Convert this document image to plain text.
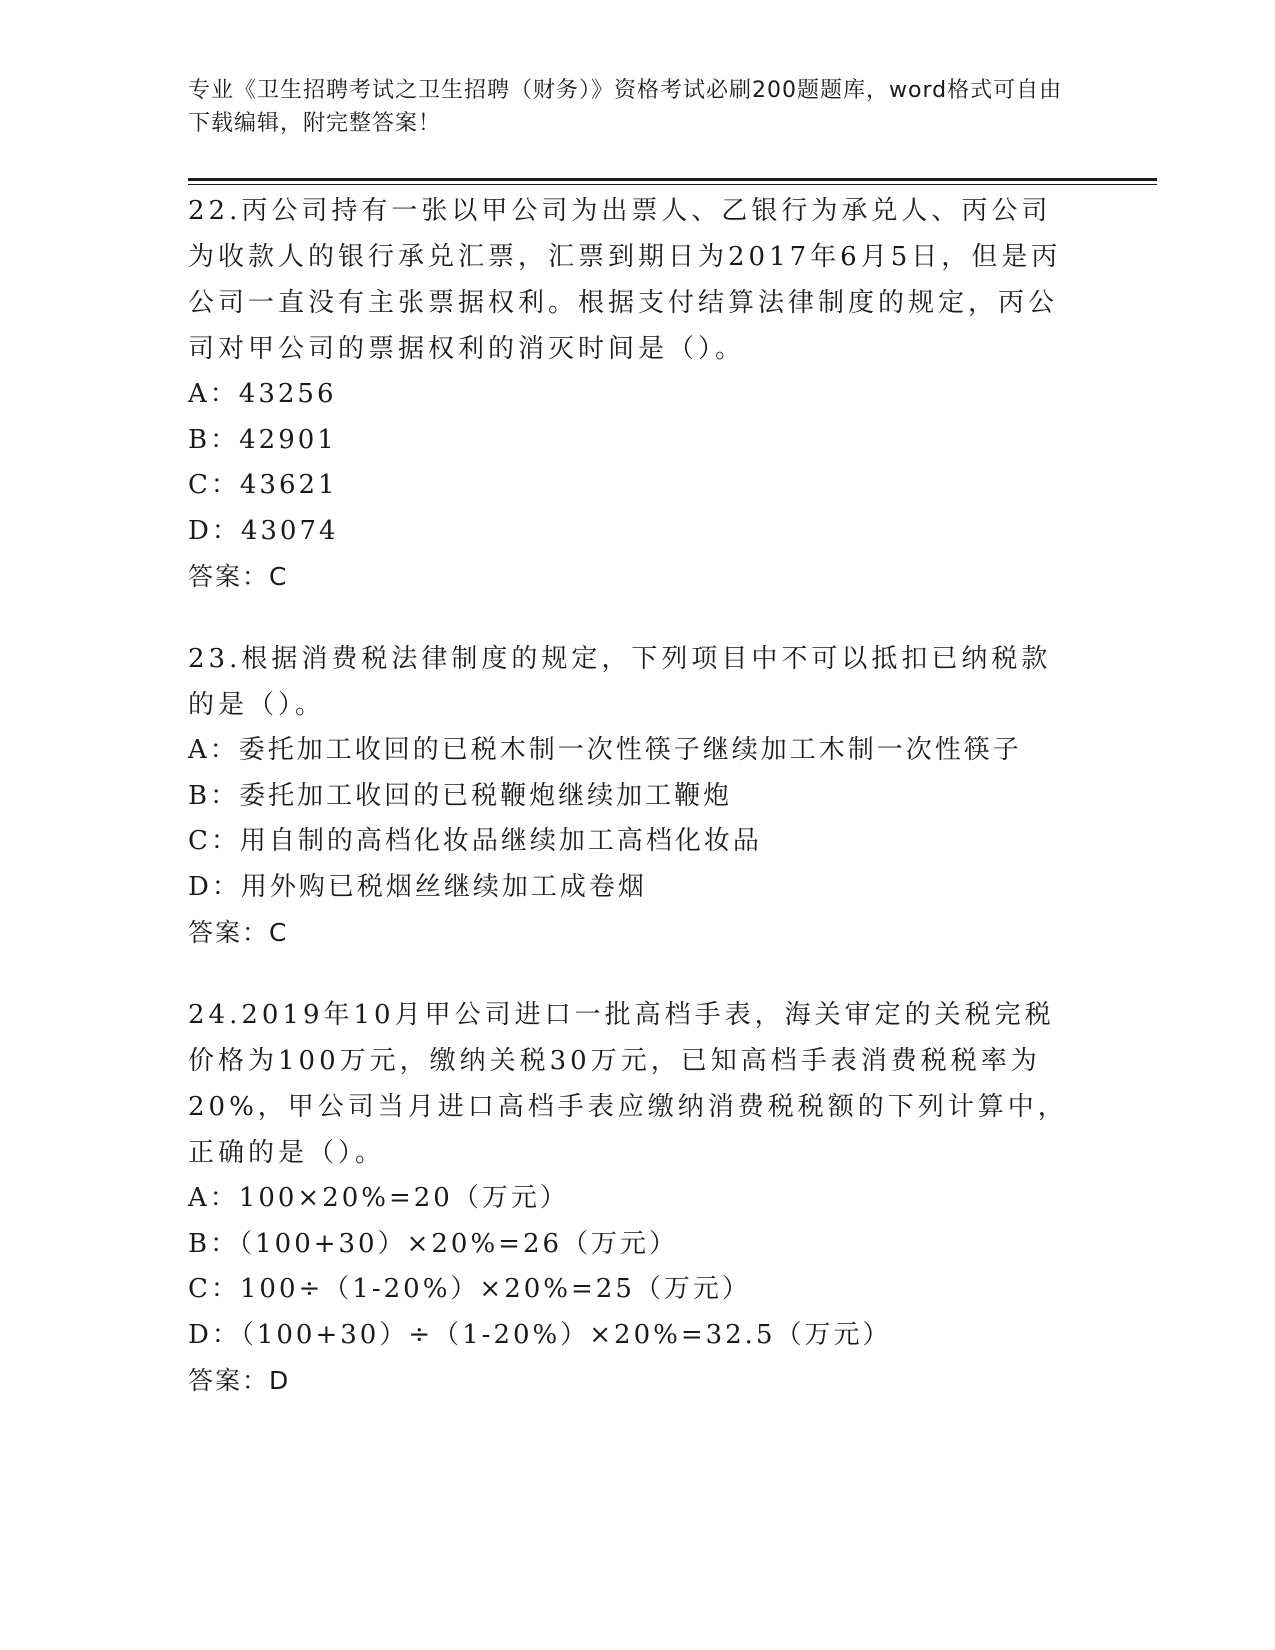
专业《卫生招聘考试之卫生招聘（财务）》资格考试必刷200题题库，word格式可自由下载编辑，附完整答案！

22.丙公司持有一张以甲公司为出票人、乙银行为承兑人、丙公司为收款人的银行承兑汇票，汇票到期日为2017年6月5日，但是丙公司一直没有主张票据权利。根据支付结算法律制度的规定，丙公司对甲公司的票据权利的消灭时间是（）。

A：43256

B：42901

C：43621

D：43074

答案：C

23.根据消费税法律制度的规定，下列项目中不可以抵扣已纳税款的是（）。

A：委托加工收回的已税木制一次性筷子继续加工木制一次性筷子

B：委托加工收回的已税鞭炮继续加工鞭炮

C：用自制的高档化妆品继续加工高档化妆品

D：用外购已税烟丝继续加工成卷烟

答案：C

24.2019年10月甲公司进口一批高档手表，海关审定的关税完税价格为100万元，缴纳关税30万元，已知高档手表消费税税率为20%，甲公司当月进口高档手表应缴纳消费税税额的下列计算中，正确的是（）。

A：100×20%=20（万元）

B：（100+30）×20%=26（万元）

C：100÷（1-20%）×20%=25（万元）

D：（100+30）÷（1-20%）×20%=32.5（万元）

答案：D
